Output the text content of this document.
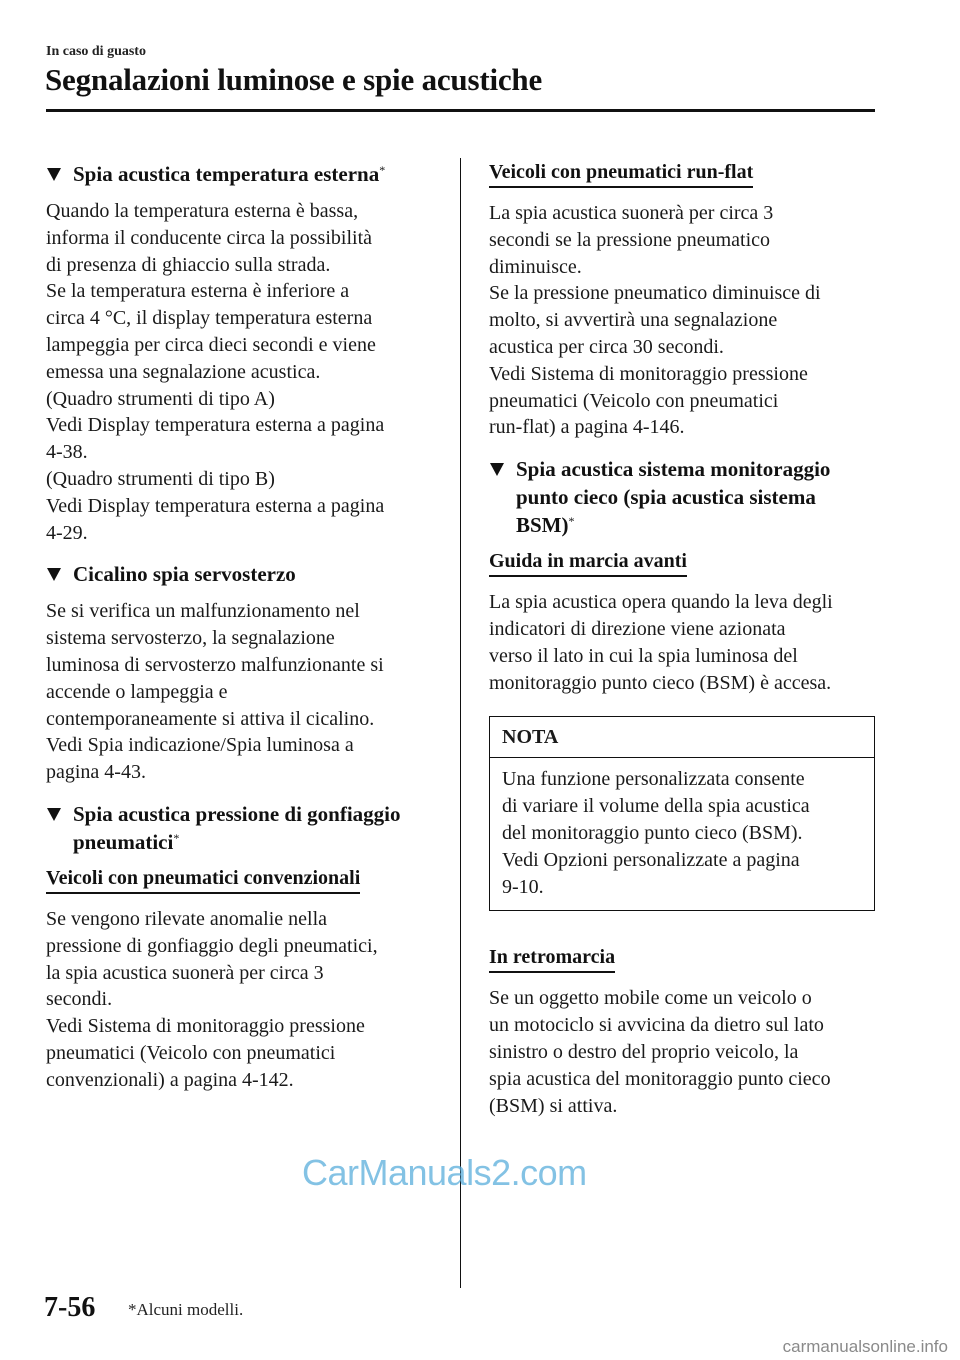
In caso di guasto
Segnalazioni luminose e spie acustiche
Spia acustica temperatura esterna*
Quando la temperatura esterna è bassa,
informa il conducente circa la possibilità
di presenza di ghiaccio sulla strada.
Se la temperatura esterna è inferiore a
circa 4 °C, il display temperatura esterna
lampeggia per circa dieci secondi e viene
emessa una segnalazione acustica.
(Quadro strumenti di tipo A)
Vedi Display temperatura esterna a pagina
4-38.
(Quadro strumenti di tipo B)
Vedi Display temperatura esterna a pagina
4-29.
Cicalino spia servosterzo
Se si verifica un malfunzionamento nel
sistema servosterzo, la segnalazione
luminosa di servosterzo malfunzionante si
accende o lampeggia e
contemporaneamente si attiva il cicalino.
Vedi Spia indicazione/Spia luminosa a
pagina 4-43.
Spia acustica pressione di gonfiaggio
pneumatici*
Veicoli con pneumatici convenzionali
Se vengono rilevate anomalie nella
pressione di gonfiaggio degli pneumatici,
la spia acustica suonerà per circa 3
secondi.
Vedi Sistema di monitoraggio pressione
pneumatici (Veicolo con pneumatici
convenzionali) a pagina 4-142.
Veicoli con pneumatici run-flat
La spia acustica suonerà per circa 3
secondi se la pressione pneumatico
diminuisce.
Se la pressione pneumatico diminuisce di
molto, si avvertirà una segnalazione
acustica per circa 30 secondi.
Vedi Sistema di monitoraggio pressione
pneumatici (Veicolo con pneumatici
run-flat) a pagina 4-146.
Spia acustica sistema monitoraggio
punto cieco (spia acustica sistema
BSM)*
Guida in marcia avanti
La spia acustica opera quando la leva degli
indicatori di direzione viene azionata
verso il lato in cui la spia luminosa del
monitoraggio punto cieco (BSM) è accesa.
NOTA
Una funzione personalizzata consente
di variare il volume della spia acustica
del monitoraggio punto cieco (BSM).
Vedi Opzioni personalizzate a pagina
9-10.
In retromarcia
Se un oggetto mobile come un veicolo o
un motociclo si avvicina da dietro sul lato
sinistro o destro del proprio veicolo, la
spia acustica del monitoraggio punto cieco
(BSM) si attiva.
CarManuals2.com
7-56 *Alcuni modelli.
carmanualsonline.info
